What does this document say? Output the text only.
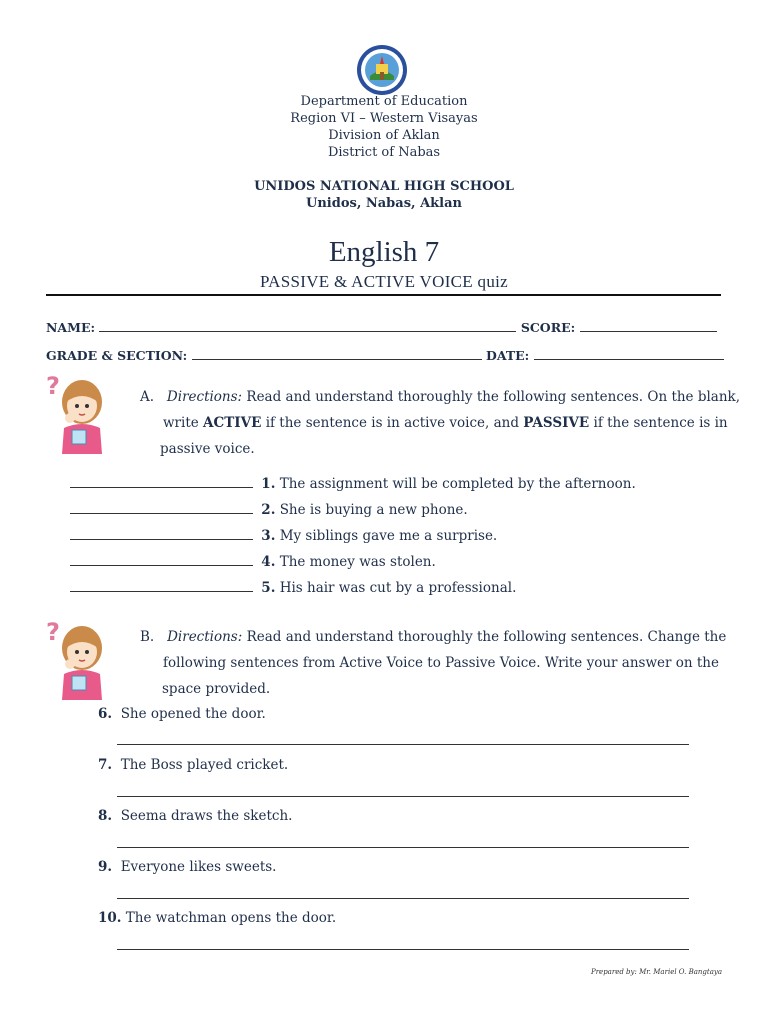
Department of Education
Region VI – Western Visayas
Division of Aklan
District of Nabas
UNIDOS NATIONAL HIGH SCHOOL
Unidos, Nabas, Aklan
English 7
PASSIVE & ACTIVE VOICE quiz
NAME:	SCORE:
GRADE & SECTION:	DATE:
?	A. Directions: Read and understand thoroughly the following sentences. On the blank,
write ACTIVE if the sentence is in active voice, and PASSIVE if the sentence is in
passive voice.
1. The assignment will be completed by the afternoon.
2. She is buying a new phone.
3. My siblings gave me a surprise.
4. The money was stolen.
5. His hair was cut by a professional.
?	B. Directions: Read and understand thoroughly the following sentences. Change the
following sentences from Active Voice to Passive Voice. Write your answer on the
space provided.
6. She opened the door.
7. The Boss played cricket.
8. Seema draws the sketch.
9. Everyone likes sweets.
10. The watchman opens the door.
Prepared by: Mr. Mariel O. Bangtaya
